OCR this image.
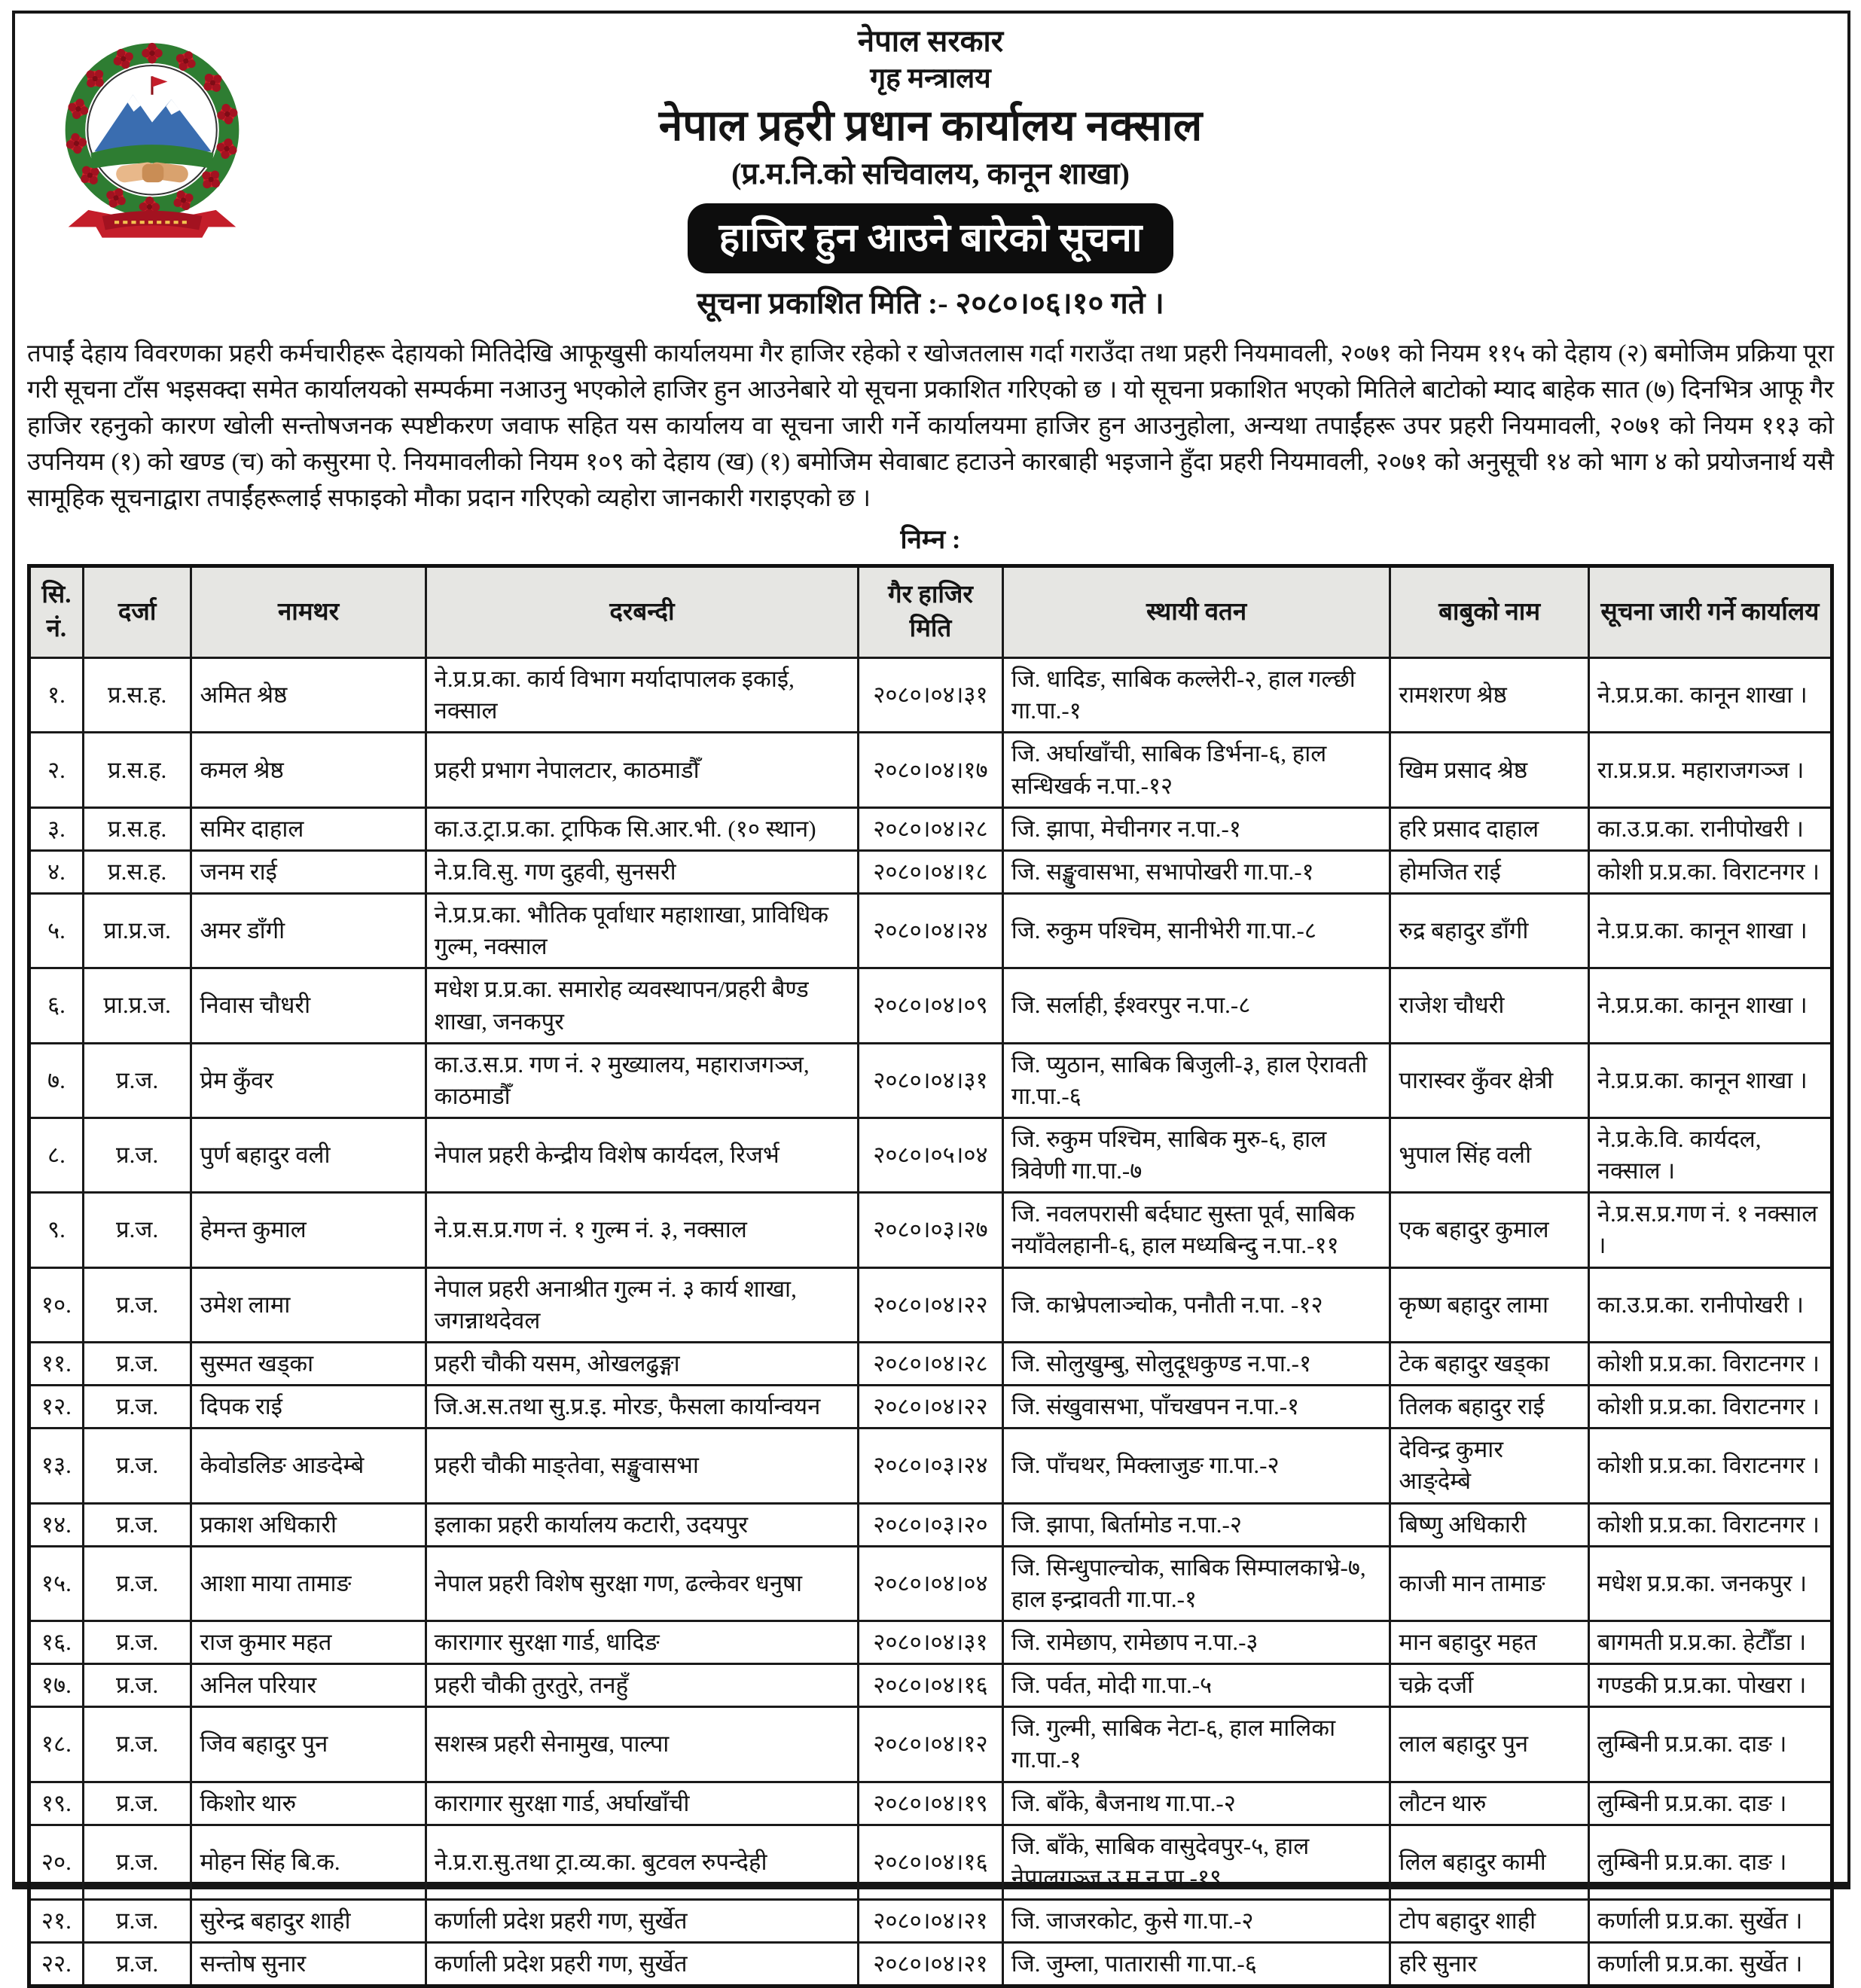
नेपाल सरकार
गृह मन्त्रालय
नेपाल प्रहरी प्रधान कार्यालय नक्साल
(प्र.म.नि.को सचिवालय, कानून शाखा)
हाजिर हुन आउने बारेको सूचना
सूचना प्रकाशित मिति :- २०८०।०६।१० गते ।
तपाईं देहाय विवरणका प्रहरी कर्मचारीहरू देहायको मितिदेखि आफूखुसी कार्यालयमा गैर हाजिर रहेको र खोजतलास गर्दा गराउँदा तथा प्रहरी नियमावली, २०७१ को नियम ११५ को देहाय (२) बमोजिम प्रक्रिया पूरा गरी सूचना टाँस भइसक्दा समेत कार्यालयको सम्पर्कमा नआउनु भएकोले हाजिर हुन आउनेबारे यो सूचना प्रकाशित गरिएको छ । यो सूचना प्रकाशित भएको मितिले बाटोको म्याद बाहेक सात (७) दिनभित्र आफू गैर हाजिर रहनुको कारण खोली सन्तोषजनक स्पष्टीकरण जवाफ सहित यस कार्यालय वा सूचना जारी गर्ने कार्यालयमा हाजिर हुन आउनुहोला, अन्यथा तपाईंहरू उपर प्रहरी नियमावली, २०७१ को नियम ११३ को उपनियम (१) को खण्ड (च) को कसुरमा ऐ. नियमावलीको नियम १०९ को देहाय (ख) (१) बमोजिम सेवाबाट हटाउने कारबाही भइजाने हुँदा प्रहरी नियमावली, २०७१ को अनुसूची १४ को भाग ४ को प्रयोजनार्थ यसै सामूहिक सूचनाद्वारा तपाईंहरूलाई सफाइको मौका प्रदान गरिएको व्यहोरा जानकारी गराइएको छ ।
निम्न :
सि. नं.	दर्जा	नामथर	दरबन्दी	गैर हाजिर मिति	स्थायी वतन	बाबुको नाम	सूचना जारी गर्ने कार्यालय
१.	प्र.स.ह.	अमित श्रेष्ठ	ने.प्र.प्र.का. कार्य विभाग मर्यादापालक इकाई, नक्साल	२०८०।०४।३१	जि. धादिङ, साबिक कल्लेरी-२, हाल गल्छी गा.पा.-१	रामशरण श्रेष्ठ	ने.प्र.प्र.का. कानून शाखा ।
२.	प्र.स.ह.	कमल श्रेष्ठ	प्रहरी प्रभाग नेपालटार, काठमाडौँ	२०८०।०४।१७	जि. अर्घाखाँची, साबिक डिर्भना-६, हाल सन्धिखर्क न.पा.-१२	खिम प्रसाद श्रेष्ठ	रा.प्र.प्र.प्र. महाराजगञ्ज ।
३.	प्र.स.ह.	समिर दाहाल	का.उ.ट्रा.प्र.का. ट्राफिक सि.आर.भी. (१० स्थान)	२०८०।०४।२८	जि. झापा, मेचीनगर न.पा.-१	हरि प्रसाद दाहाल	का.उ.प्र.का. रानीपोखरी ।
४.	प्र.स.ह.	जनम राई	ने.प्र.वि.सु. गण दुहवी, सुनसरी	२०८०।०४।१८	जि. सङ्खुवासभा, सभापोखरी गा.पा.-१	होमजित राई	कोशी प्र.प्र.का. विराटनगर ।
५.	प्रा.प्र.ज.	अमर डाँगी	ने.प्र.प्र.का. भौतिक पूर्वाधार महाशाखा, प्राविधिक गुल्म, नक्साल	२०८०।०४।२४	जि. रुकुम पश्चिम, सानीभेरी गा.पा.-८	रुद्र बहादुर डाँगी	ने.प्र.प्र.का. कानून शाखा ।
६.	प्रा.प्र.ज.	निवास चौधरी	मधेश प्र.प्र.का. समारोह व्यवस्थापन/प्रहरी बैण्ड शाखा, जनकपुर	२०८०।०४।०९	जि. सर्लाही, ईश्वरपुर न.पा.-८	राजेश चौधरी	ने.प्र.प्र.का. कानून शाखा ।
७.	प्र.ज.	प्रेम कुँवर	का.उ.स.प्र. गण नं. २ मुख्यालय, महाराजगञ्ज, काठमाडौँ	२०८०।०४।३१	जि. प्युठान, साबिक बिजुली-३, हाल ऐरावती गा.पा.-६	पारास्वर कुँवर क्षेत्री	ने.प्र.प्र.का. कानून शाखा ।
८.	प्र.ज.	पुर्ण बहादुर वली	नेपाल प्रहरी केन्द्रीय विशेष कार्यदल, रिजर्भ	२०८०।०५।०४	जि. रुकुम पश्चिम, साबिक मुरु-६, हाल त्रिवेणी गा.पा.-७	भुपाल सिंह वली	ने.प्र.के.वि. कार्यदल, नक्साल ।
९.	प्र.ज.	हेमन्त कुमाल	ने.प्र.स.प्र.गण नं. १ गुल्म नं. ३, नक्साल	२०८०।०३।२७	जि. नवलपरासी बर्दघाट सुस्ता पूर्व, साबिक नयाँवेलहानी-६, हाल मध्यबिन्दु न.पा.-११	एक बहादुर कुमाल	ने.प्र.स.प्र.गण नं. १ नक्साल ।
१०.	प्र.ज.	उमेश लामा	नेपाल प्रहरी अनाश्रीत गुल्म नं. ३ कार्य शाखा, जगन्नाथदेवल	२०८०।०४।२२	जि. काभ्रेपलाञ्चोक, पनौती न.पा. -१२	कृष्ण बहादुर लामा	का.उ.प्र.का. रानीपोखरी ।
११.	प्र.ज.	सुस्मत खड्का	प्रहरी चौकी यसम, ओखलढुङ्गा	२०८०।०४।२८	जि. सोलुखुम्बु, सोलुदूधकुण्ड न.पा.-१	टेक बहादुर खड्का	कोशी प्र.प्र.का. विराटनगर ।
१२.	प्र.ज.	दिपक राई	जि.अ.स.तथा सु.प्र.इ. मोरङ, फैसला कार्यान्वयन	२०८०।०४।२२	जि. संखुवासभा, पाँचखपन न.पा.-१	तिलक बहादुर राई	कोशी प्र.प्र.का. विराटनगर ।
१३.	प्र.ज.	केवोडलिङ आङदेम्बे	प्रहरी चौकी माङ्तेवा, सङ्खुवासभा	२०८०।०३।२४	जि. पाँचथर, मिक्लाजुङ गा.पा.-२	देविन्द्र कुमार आङ्देम्बे	कोशी प्र.प्र.का. विराटनगर ।
१४.	प्र.ज.	प्रकाश अधिकारी	इलाका प्रहरी कार्यालय कटारी, उदयपुर	२०८०।०३।२०	जि. झापा, बिर्तामोड न.पा.-२	बिष्णु अधिकारी	कोशी प्र.प्र.का. विराटनगर ।
१५.	प्र.ज.	आशा माया तामाङ	नेपाल प्रहरी विशेष सुरक्षा गण, ढल्केवर धनुषा	२०८०।०४।०४	जि. सिन्धुपाल्चोक, साबिक सिम्पालकाभ्रे-७, हाल इन्द्रावती गा.पा.-१	काजी मान तामाङ	मधेश प्र.प्र.का. जनकपुर ।
१६.	प्र.ज.	राज कुमार महत	कारागार सुरक्षा गार्ड, धादिङ	२०८०।०४।३१	जि. रामेछाप, रामेछाप न.पा.-३	मान बहादुर महत	बागमती प्र.प्र.का. हेटौँडा ।
१७.	प्र.ज.	अनिल परियार	प्रहरी चौकी तुरतुरे, तनहुँ	२०८०।०४।१६	जि. पर्वत, मोदी गा.पा.-५	चक्रे दर्जी	गण्डकी प्र.प्र.का. पोखरा ।
१८.	प्र.ज.	जिव बहादुर पुन	सशस्त्र प्रहरी सेनामुख, पाल्पा	२०८०।०४।१२	जि. गुल्मी, साबिक नेटा-६, हाल मालिका गा.पा.-१	लाल बहादुर पुन	लुम्बिनी प्र.प्र.का. दाङ ।
१९.	प्र.ज.	किशोर थारु	कारागार सुरक्षा गार्ड, अर्घाखाँची	२०८०।०४।१९	जि. बाँके, बैजनाथ गा.पा.-२	लौटन थारु	लुम्बिनी प्र.प्र.का. दाङ ।
२०.	प्र.ज.	मोहन सिंह बि.क.	ने.प्र.रा.सु.तथा ट्रा.व्य.का. बुटवल रुपन्देही	२०८०।०४।१६	जि. बाँके, साबिक वासुदेवपुर-५, हाल नेपालगञ्ज उ.म.न.पा.-१९	लिल बहादुर कामी	लुम्बिनी प्र.प्र.का. दाङ ।
२१.	प्र.ज.	सुरेन्द्र बहादुर शाही	कर्णाली प्रदेश प्रहरी गण, सुर्खेत	२०८०।०४।२१	जि. जाजरकोट, कुसे गा.पा.-२	टोप बहादुर शाही	कर्णाली प्र.प्र.का. सुर्खेत ।
२२.	प्र.ज.	सन्तोष सुनार	कर्णाली प्रदेश प्रहरी गण, सुर्खेत	२०८०।०४।२१	जि. जुम्ला, पातारासी गा.पा.-६	हरि सुनार	कर्णाली प्र.प्र.का. सुर्खेत ।
